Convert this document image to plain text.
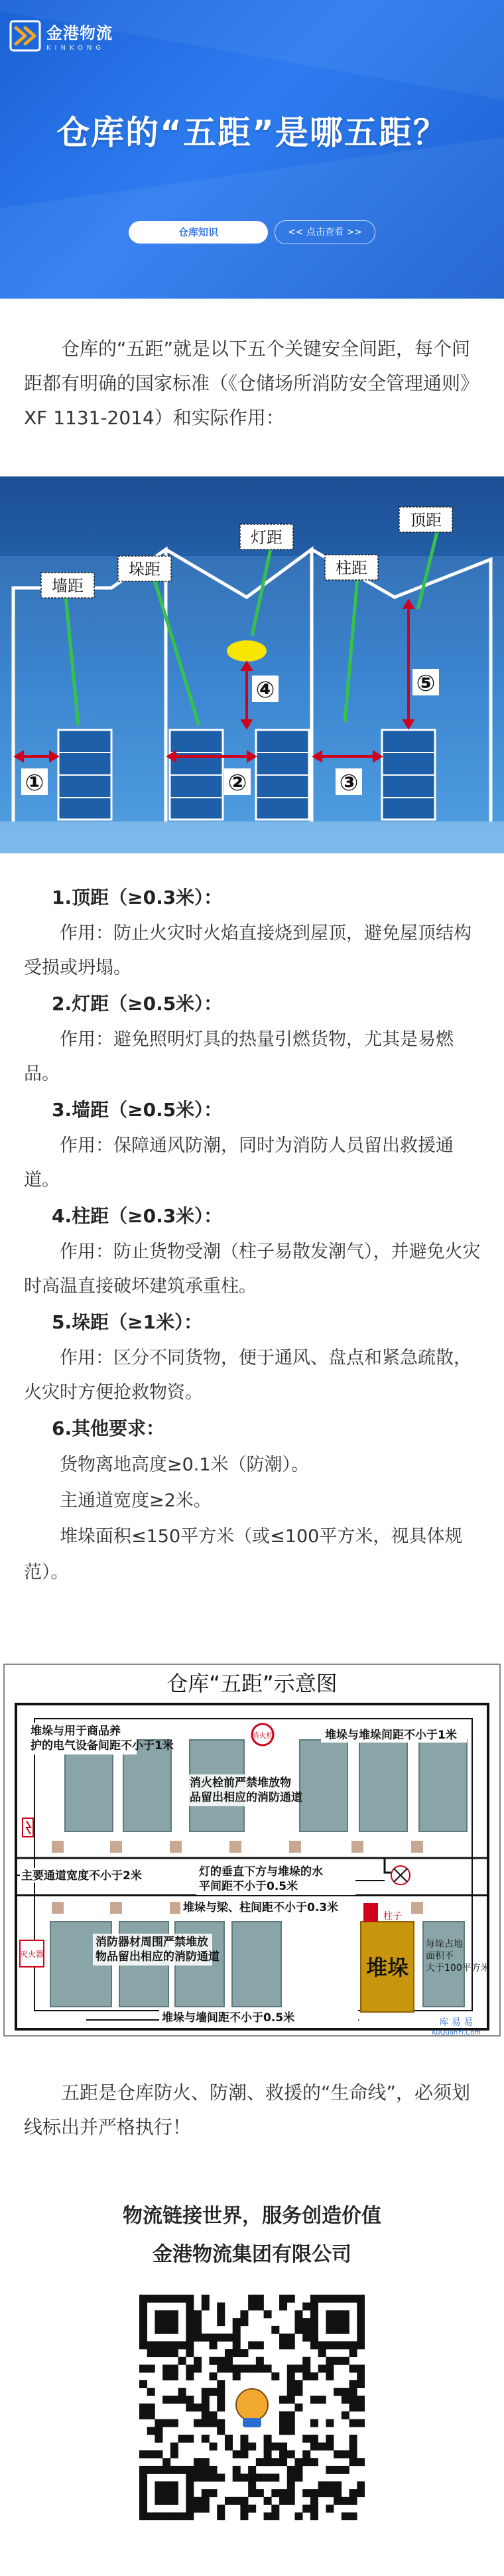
金港物流
KINKONG
仓库的“五距”是哪五距？
仓库知识	<< 点击查看 >>
仓库的“五距”就是以下五个关键安全间距，每个间距都有明确的国家标准（《仓储场所消防安全管理通则》XF 1131-2014）和实际作用：
①	②	③
④	⑤
墙距
垛距
灯距
柱距
顶距
1.顶距（≥0.3米）：
作用：防止火灾时火焰直接烧到屋顶，避免屋顶结构受损或坍塌。
2.灯距（≥0.5米）：
作用：避免照明灯具的热量引燃货物，尤其是易燃品。
3.墙距（≥0.5米）：
作用：保障通风防潮，同时为消防人员留出救援通道。
4.柱距（≥0.3米）：
作用：防止货物受潮（柱子易散发潮气），并避免火灾时高温直接破坏建筑承重柱。
5.垛距（≥1米）：
作用：区分不同货物，便于通风、盘点和紧急疏散，火灾时方便抢救物资。
6.其他要求：
货物离地高度≥0.1米（防潮）。
主通道宽度≥2米。
堆垛面积≤150平方米（或≤100平方米，视具体规范）。
仓库“五距”示意图
堆垛与用于商品养
护的电气设备间距不小于1米
堆垛与堆垛间距不小于1米
消火栓前严禁堆放物
品留出相应的消防通道
主要通道宽度不小于2米	灯的垂直下方与堆垛的水
平间距不小于0.5米
堆垛与梁、柱间距不小于0.3米
消防器材周围严禁堆放
物品留出相应的消防通道
堆垛与墙间距不小于0.5米
消火栓
灭火器
柱子
堆垛
每垛占地
面积不
大于100平方米
库 易 易
KuQuanYi.Com
五距是仓库防火、防潮、救援的“生命线”，必须划线标出并严格执行！
物流链接世界，服务创造价值
金港物流集团有限公司
